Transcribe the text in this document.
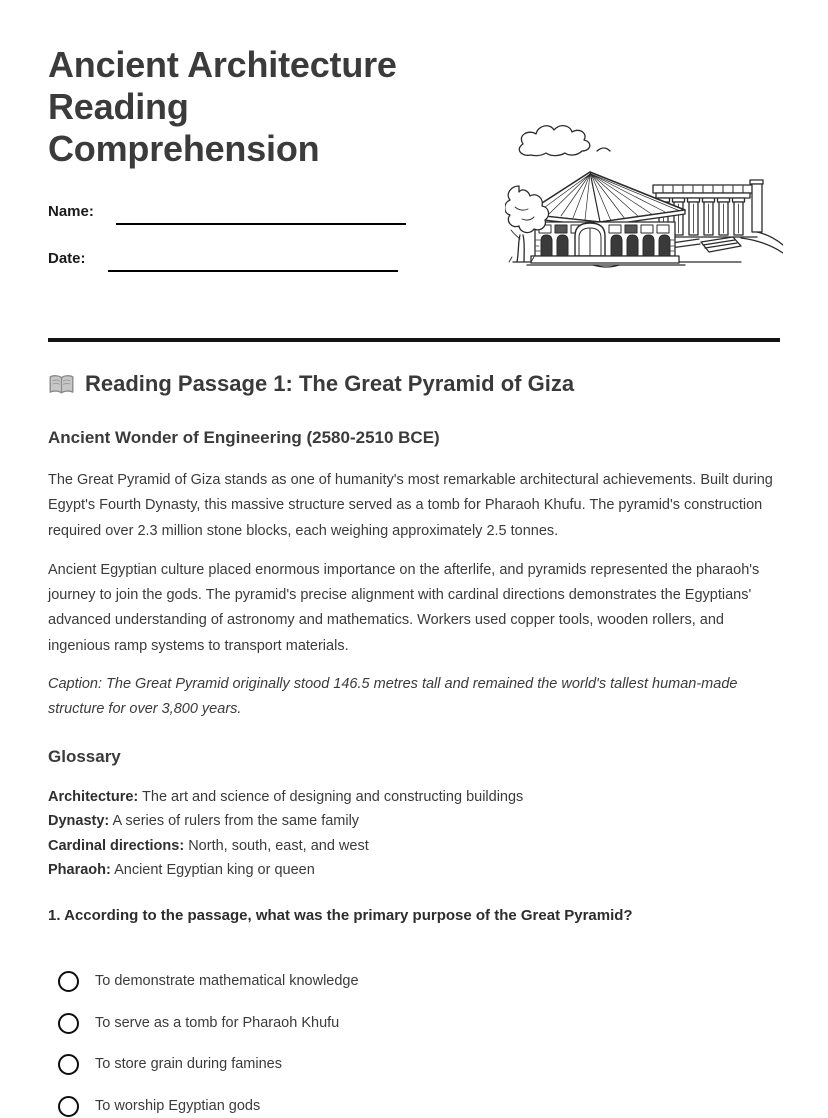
Ancient Architecture Reading Comprehension
Name:
Date:
Reading Passage 1: The Great Pyramid of Giza
Ancient Wonder of Engineering (2580-2510 BCE)

The Great Pyramid of Giza stands as one of humanity's most remarkable architectural achievements. Built during Egypt's Fourth Dynasty, this massive structure served as a tomb for Pharaoh Khufu. The pyramid's construction required over 2.3 million stone blocks, each weighing approximately 2.5 tonnes.

Ancient Egyptian culture placed enormous importance on the afterlife, and pyramids represented the pharaoh's journey to join the gods. The pyramid's precise alignment with cardinal directions demonstrates the Egyptians' advanced understanding of astronomy and mathematics. Workers used copper tools, wooden rollers, and ingenious ramp systems to transport materials.

Caption: The Great Pyramid originally stood 146.5 metres tall and remained the world's tallest human-made structure for over 3,800 years.

Glossary
Architecture: The art and science of designing and constructing buildings
Dynasty: A series of rulers from the same family
Cardinal directions: North, south, east, and west
Pharaoh: Ancient Egyptian king or queen

1. According to the passage, what was the primary purpose of the Great Pyramid?

To demonstrate mathematical knowledge
To serve as a tomb for Pharaoh Khufu
To store grain during famines
To worship Egyptian gods
